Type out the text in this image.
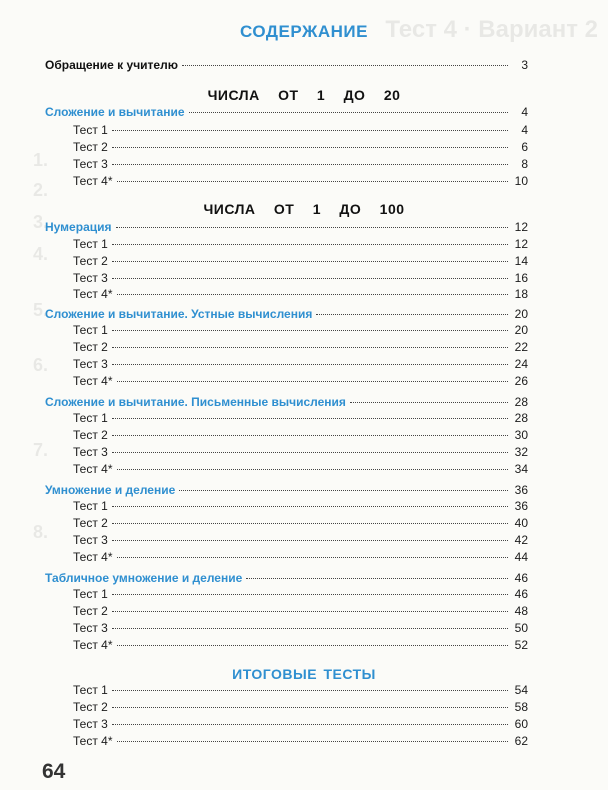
Тест 4 · Вариант 2
1.
2.
3.
4.
5.
6.
7.
8.
СОДЕРЖАНИЕ
Обращение к учителю	3
ЧИСЛА ОТ 1 ДО 20
Сложение и вычитание	4
Тест 1	4
Тест 2	6
Тест 3	8
Тест 4*	10
ЧИСЛА ОТ 1 ДО 100
Нумерация	12
Тест 1	12
Тест 2	14
Тест 3	16
Тест 4*	18
Сложение и вычитание. Устные вычисления	20
Тест 1	20
Тест 2	22
Тест 3	24
Тест 4*	26
Сложение и вычитание. Письменные вычисления	28
Тест 1	28
Тест 2	30
Тест 3	32
Тест 4*	34
Умножение и деление	36
Тест 1	36
Тест 2	40
Тест 3	42
Тест 4*	44
Табличное умножение и деление	46
Тест 1	46
Тест 2	48
Тест 3	50
Тест 4*	52
ИТОГОВЫЕ ТЕСТЫ
Тест 1	54
Тест 2	58
Тест 3	60
Тест 4*	62
64
